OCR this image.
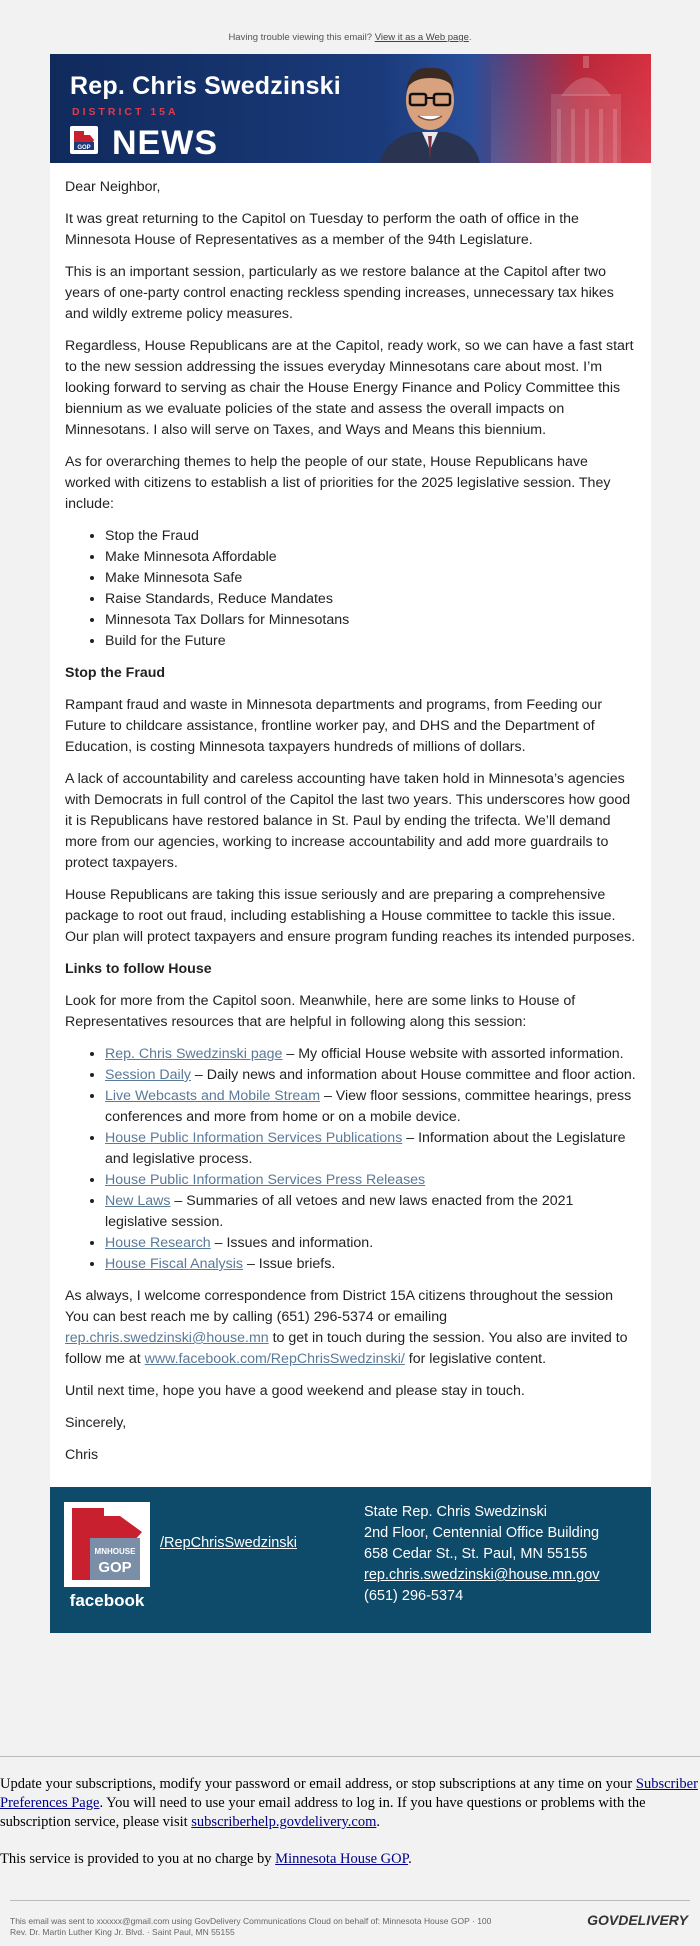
Having trouble viewing this email? View it as a Web page.
Rep. Chris Swedzinski
DISTRICT 15A
GOP NEWS

Dear Neighbor,

It was great returning to the Capitol on Tuesday to perform the oath of office in the Minnesota House of Representatives as a member of the 94th Legislature.

This is an important session, particularly as we restore balance at the Capitol after two years of one-party control enacting reckless spending increases, unnecessary tax hikes and wildly extreme policy measures.

Regardless, House Republicans are at the Capitol, ready work, so we can have a fast start to the new session addressing the issues everyday Minnesotans care about most. I’m looking forward to serving as chair the House Energy Finance and Policy Committee this biennium as we evaluate policies of the state and assess the overall impacts on Minnesotans. I also will serve on Taxes, and Ways and Means this biennium.

As for overarching themes to help the people of our state, House Republicans have worked with citizens to establish a list of priorities for the 2025 legislative session. They include:

• Stop the Fraud
• Make Minnesota Affordable
• Make Minnesota Safe
• Raise Standards, Reduce Mandates
• Minnesota Tax Dollars for Minnesotans
• Build for the Future
Stop the Fraud

Rampant fraud and waste in Minnesota departments and programs, from Feeding our Future to childcare assistance, frontline worker pay, and DHS and the Department of Education, is costing Minnesota taxpayers hundreds of millions of dollars.

A lack of accountability and careless accounting have taken hold in Minnesota’s agencies with Democrats in full control of the Capitol the last two years. This underscores how good it is Republicans have restored balance in St. Paul by ending the trifecta. We’ll demand more from our agencies, working to increase accountability and add more guardrails to protect taxpayers.

House Republicans are taking this issue seriously and are preparing a comprehensive package to root out fraud, including establishing a House committee to tackle this issue. Our plan will protect taxpayers and ensure program funding reaches its intended purposes.

Links to follow House

Look for more from the Capitol soon. Meanwhile, here are some links to House of Representatives resources that are helpful in following along this session:

• Rep. Chris Swedzinski page – My official House website with assorted information.
• Session Daily – Daily news and information about House committee and floor action.
• Live Webcasts and Mobile Stream – View floor sessions, committee hearings, press conferences and more from home or on a mobile device.
• House Public Information Services Publications – Information about the Legislature and legislative process.
• House Public Information Services Press Releases
• New Laws – Summaries of all vetoes and new laws enacted from the 2021 legislative session.
• House Research – Issues and information.
• House Fiscal Analysis – Issue briefs.

As always, I welcome correspondence from District 15A citizens throughout the session You can best reach me by calling (651) 296-5374 or emailing rep.chris.swedzinski@house.mn to get in touch during the session. You also are invited to follow me at www.facebook.com/RepChrisSwedzinski/ for legislative content.

Until next time, hope you have a good weekend and please stay in touch.

Sincerely,

Chris

MNHOUSE
GOP
facebook
/RepChrisSwedzinski
State Rep. Chris Swedzinski
2nd Floor, Centennial Office Building
658 Cedar St., St. Paul, MN 55155
rep.chris.swedzinski@house.mn.gov
(651) 296-5374

Update your subscriptions, modify your password or email address, or stop subscriptions at any time on your Subscriber Preferences Page. You will need to use your email address to log in. If you have questions or problems with the subscription service, please visit subscriberhelp.govdelivery.com.

This service is provided to you at no charge by Minnesota House GOP.

This email was sent to xxxxxx@gmail.com using GovDelivery Communications Cloud on behalf of: Minnesota House GOP · 100
Rev. Dr. Martin Luther King Jr. Blvd. · Saint Paul, MN 55155
GOVDELIVERY
